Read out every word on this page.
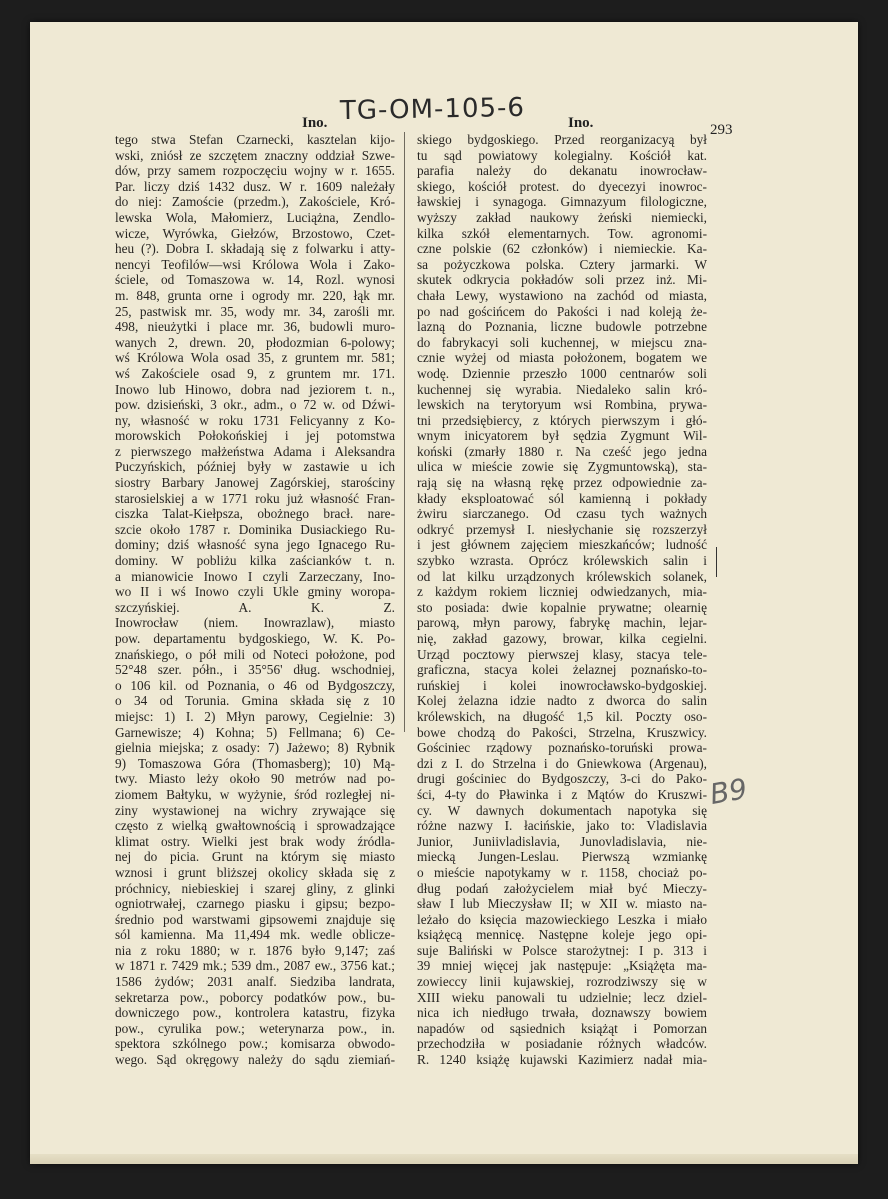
TG-OM-105-6
Ino.	Ino.	293
tego stwa Stefan Czarnecki, kasztelan kijo-
wski, zniósł ze szczętem znaczny oddział Szwe-
dów, przy samem rozpoczęciu wojny w r. 1655.
Par. liczy dziś 1432 dusz. W r. 1609 należały
do niej: Zamoście (przedm.), Zakościele, Kró-
lewska Wola, Małomierz, Luciążna, Zendlo-
wicze, Wyrówka, Giełzów, Brzostowo, Czet-
heu (?). Dobra I. składają się z folwarku i atty-
nencyi Teofilów—wsi Królowa Wola i Zako-
ściele, od Tomaszowa w. 14, Rozl. wynosi
m. 848, grunta orne i ogrody mr. 220, łąk mr.
25, pastwisk mr. 35, wody mr. 34, zarośli mr.
498, nieużytki i place mr. 36, budowli muro-
wanych 2, drewn. 20, płodozmian 6-polowy;
wś Królowa Wola osad 35, z gruntem mr. 581;
wś Zakościele osad 9, z gruntem mr. 171.
Inowo lub Hinowo, dobra nad jeziorem t. n.,
pow. dzisieński, 3 okr., adm., o 72 w. od Dźwi-
ny, własność w roku 1731 Felicyanny z Ko-
morowskich Połokońskiej i jej potomstwa
z pierwszego małżeństwa Adama i Aleksandra
Puczyńskich, później były w zastawie u ich
siostry Barbary Janowej Zagórskiej, starościny
starosielskiej a w 1771 roku już własność Fran-
ciszka Talat-Kiełpsza, obożnego bracł. nare-
szcie około 1787 r. Dominika Dusiackiego Ru-
dominy; dziś własność syna jego Ignacego Ru-
dominy. W pobliżu kilka zaścianków t. n.
a mianowicie Inowo I czyli Zarzeczany, Ino-
wo II i wś Inowo czyli Ukle gminy woropa-
szczyńskiej. A. K. Z.
Inowrocław (niem. Inowrazlaw), miasto
pow. departamentu bydgoskiego, W. K. Po-
znańskiego, o pół mili od Noteci położone, pod
52°48 szer. półn., i 35°56' dług. wschodniej,
o 106 kil. od Poznania, o 46 od Bydgoszczy,
o 34 od Torunia. Gmina składa się z 10
miejsc: 1) I. 2) Młyn parowy, Cegielnie: 3)
Garnewisze; 4) Kohna; 5) Fellmana; 6) Ce-
gielnia miejska; z osady: 7) Jażewo; 8) Rybnik
9) Tomaszowa Góra (Thomasberg); 10) Mą-
twy. Miasto leży około 90 metrów nad po-
ziomem Bałtyku, w wyżynie, śród rozległej ni-
ziny wystawionej na wichry zrywające się
często z wielką gwałtownością i sprowadzające
klimat ostry. Wielki jest brak wody źródla-
nej do picia. Grunt na którym się miasto
wznosi i grunt bliższej okolicy składa się z
próchnicy, niebieskiej i szarej gliny, z glinki
ogniotrwałej, czarnego piasku i gipsu; bezpo-
średnio pod warstwami gipsowemi znajduje się
sól kamienna. Ma 11,494 mk. wedle oblicze-
nia z roku 1880; w r. 1876 było 9,147; zaś
w 1871 r. 7429 mk.; 539 dm., 2087 ew., 3756 kat.;
1586 żydów; 2031 analf. Siedziba landrata,
sekretarza pow., poborcy podatków pow., bu-
downiczego pow., kontrolera katastru, fizyka
pow., cyrulika pow.; weterynarza pow., in.
spektora szkólnego pow.; komisarza obwodo-
wego. Sąd okręgowy należy do sądu ziemiań-
skiego bydgoskiego. Przed reorganizacyą był
tu sąd powiatowy kolegialny. Kościół kat.
parafia należy do dekanatu inowrocław-
skiego, kościół protest. do dyecezyi inowroc-
ławskiej i synagoga. Gimnazyum filologiczne,
wyższy zakład naukowy żeński niemiecki,
kilka szkół elementarnych. Tow. agronomi-
czne polskie (62 członków) i niemieckie. Ka-
sa pożyczkowa polska. Cztery jarmarki. W
skutek odkrycia pokładów soli przez inż. Mi-
chała Lewy, wystawiono na zachód od miasta,
po nad gościńcem do Pakości i nad koleją że-
lazną do Poznania, liczne budowle potrzebne
do fabrykacyi soli kuchennej, w miejscu zna-
cznie wyżej od miasta położonem, bogatem we
wodę. Dziennie przeszło 1000 centnarów soli
kuchennej się wyrabia. Niedaleko salin kró-
lewskich na terytoryum wsi Rombina, prywa-
tni przedsiębiercy, z których pierwszym i głó-
wnym inicyatorem był sędzia Zygmunt Wil-
koński (zmarły 1880 r. Na cześć jego jedna
ulica w mieście zowie się Zygmuntowską), sta-
rają się na własną rękę przez odpowiednie za-
kłady eksploatować sól kamienną i pokłady
żwiru siarczanego. Od czasu tych ważnych
odkryć przemysł I. niesłychanie się rozszerzył
i jest głównem zajęciem mieszkańców; ludność
szybko wzrasta. Oprócz królewskich salin i
od lat kilku urządzonych królewskich solanek,
z każdym rokiem liczniej odwiedzanych, mia-
sto posiada: dwie kopalnie prywatne; olearnię
parową, młyn parowy, fabrykę machin, lejar-
nię, zakład gazowy, browar, kilka cegielni.
Urząd pocztowy pierwszej klasy, stacya tele-
graficzna, stacya kolei żelaznej poznańsko-to-
ruńskiej i kolei inowrocławsko-bydgoskiej.
Kolej żelazna idzie nadto z dworca do salin
królewskich, na długość 1,5 kil. Poczty oso-
bowe chodzą do Pakości, Strzelna, Kruszwicy.
Gościniec rządowy poznańsko-toruński prowa-
dzi z I. do Strzelna i do Gniewkowa (Argenau),
drugi gościniec do Bydgoszczy, 3-ci do Pako-
ści, 4-ty do Pławinka i z Mątów do Kruszwi-
cy. W dawnych dokumentach napotyka się
różne nazwy I. łacińskie, jako to: Vladislavia
Junior, Juniivladislavia, Junovladislavia, nie-
miecką Jungen-Leslau. Pierwszą wzmiankę
o mieście napotykamy w r. 1158, chociaż po-
dług podań założycielem miał być Mieczy-
sław I lub Mieczysław II; w XII w. miasto na-
leżało do księcia mazowieckiego Leszka i miało
książęcą mennicę. Następne koleje jego opi-
suje Baliński w Polsce starożytnej: I p. 313 i
39 mniej więcej jak następuje: „Książęta ma-
zowieccy linii kujawskiej, rozrodziwszy się w
XIII wieku panowali tu udzielnie; lecz dziel-
nica ich niedługo trwała, doznawszy bowiem
napadów od sąsiednich książąt i Pomorzan
przechodziła w posiadanie różnych władców.
R. 1240 książę kujawski Kazimierz nadał mia-
B9
